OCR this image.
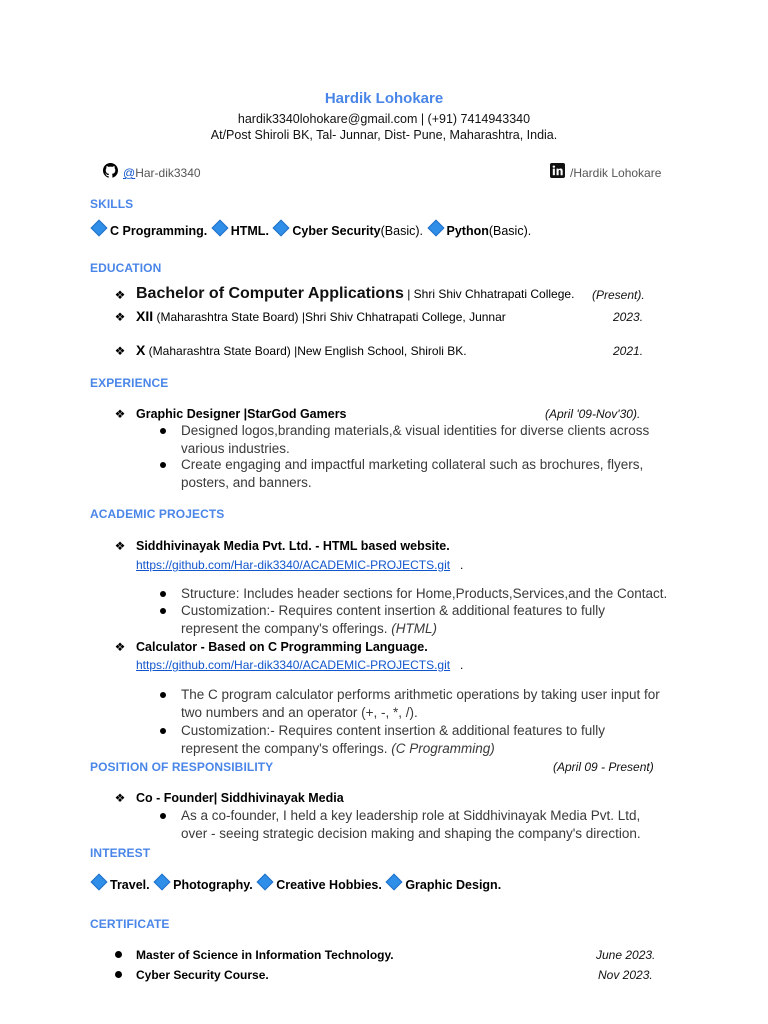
Hardik Lohokare
hardik3340lohokare@gmail.com | (+91) 7414943340
At/Post Shiroli BK, Tal- Junnar, Dist- Pune, Maharashtra, India.
@Har-dik3340	/Hardik Lohokare
SKILLS
C Programming. HTML. Cyber Security(Basic). Python(Basic).
EDUCATION
❖ Bachelor of Computer Applications | Shri Shiv Chhatrapati College. (Present).
❖ XII (Maharashtra State Board) |Shri Shiv Chhatrapati College, Junnar	2023.
❖ X (Maharashtra State Board) |New English School, Shiroli BK.	2021.
EXPERIENCE
❖ Graphic Designer |StarGod Gamers	(April '09-Nov'30).
Designed logos,branding materials,& visual identities for diverse clients across various industries.
Create engaging and impactful marketing collateral such as brochures, flyers, posters, and banners.
ACADEMIC PROJECTS
❖ Siddhivinayak Media Pvt. Ltd. - HTML based website.
https://github.com/Har-dik3340/ACADEMIC-PROJECTS.git .
Structure: Includes header sections for Home,Products,Services,and the Contact.
Customization:- Requires content insertion & additional features to fully represent the company's offerings. (HTML)
❖ Calculator - Based on C Programming Language.
https://github.com/Har-dik3340/ACADEMIC-PROJECTS.git .
The C program calculator performs arithmetic operations by taking user input for two numbers and an operator (+, -, *, /).
Customization:- Requires content insertion & additional features to fully represent the company's offerings. (C Programming)
POSITION OF RESPONSIBILITY	(April 09 - Present)
❖ Co - Founder| Siddhivinayak Media
As a co-founder, I held a key leadership role at Siddhivinayak Media Pvt. Ltd, over - seeing strategic decision making and shaping the company's direction.
INTEREST
Travel. Photography. Creative Hobbies. Graphic Design.
CERTIFICATE
Master of Science in Information Technology.	June 2023.
Cyber Security Course.	Nov 2023.
